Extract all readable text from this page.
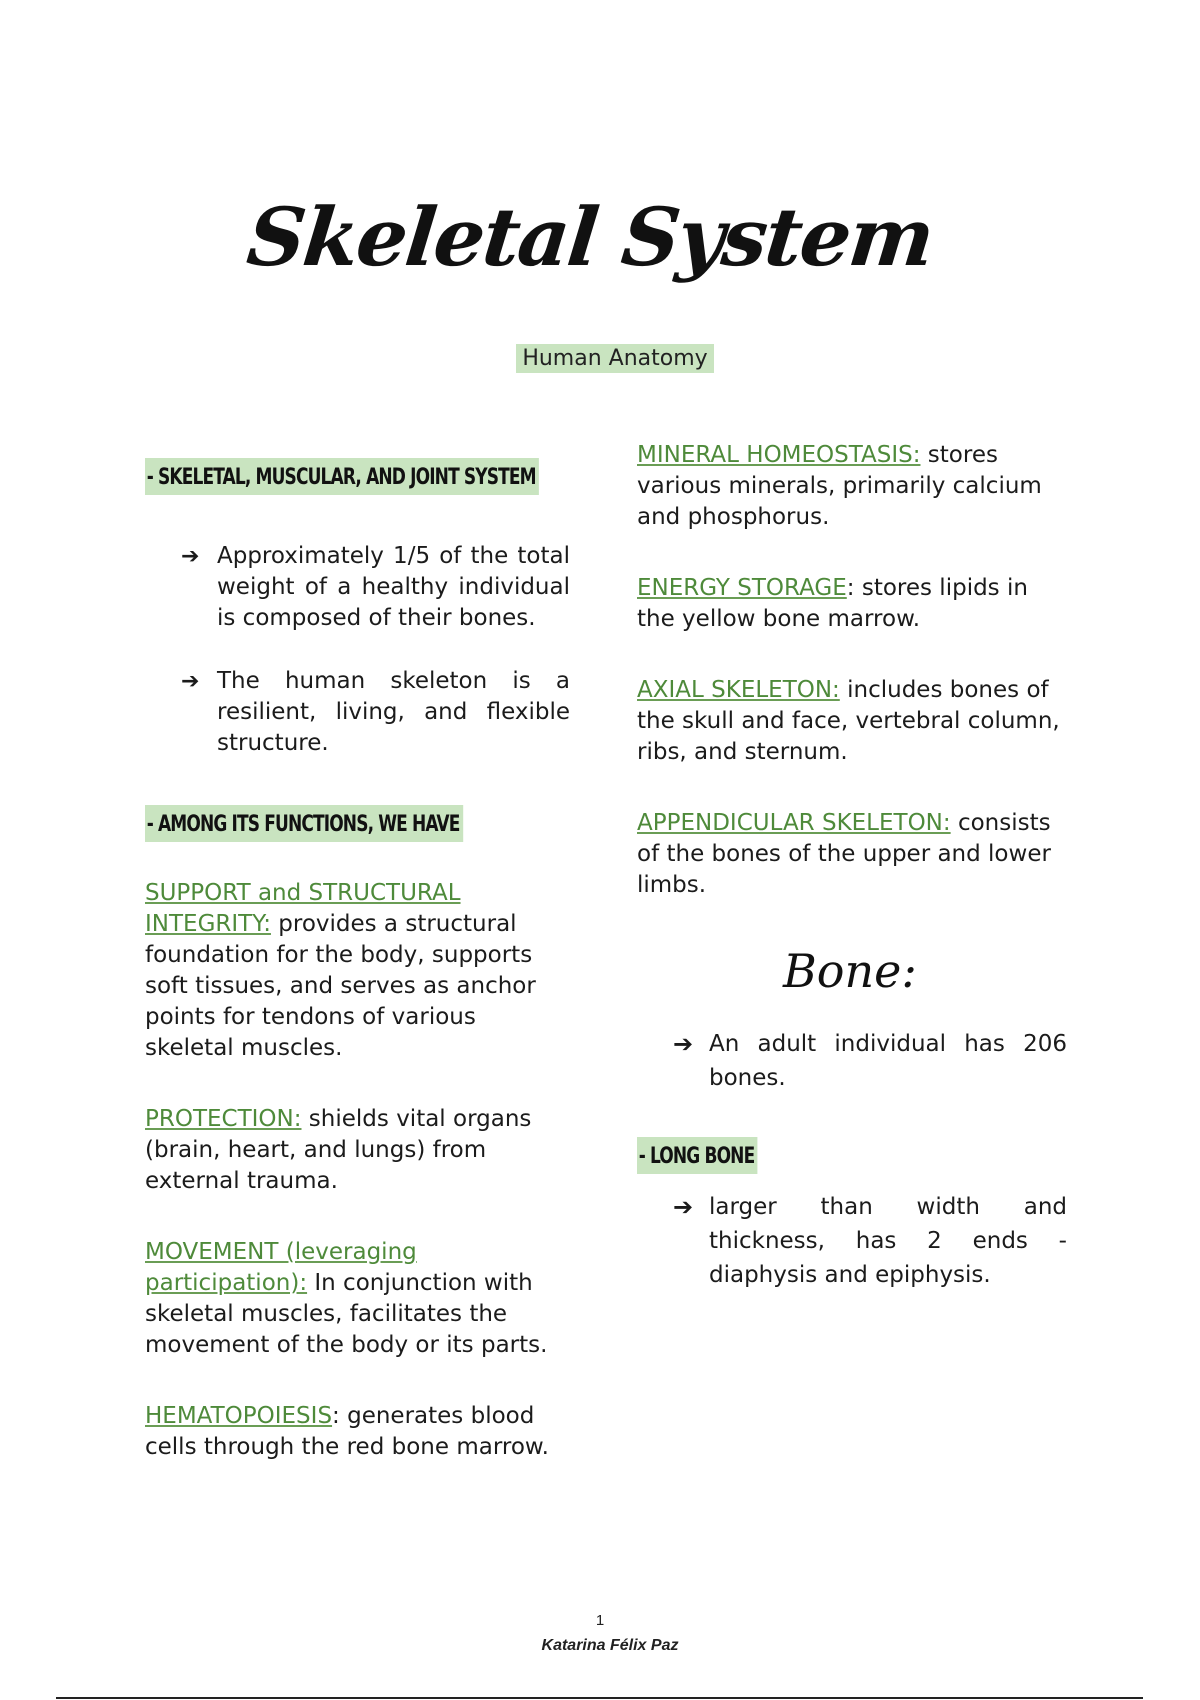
Skeletal System
Human Anatomy
- SKELETAL, MUSCULAR, AND JOINT SYSTEM
➔ Approximately 1/5 of the total weight of a healthy individual is composed of their bones.
➔ The human skeleton is a resilient, living, and flexible structure.
- AMONG ITS FUNCTIONS, WE HAVE
SUPPORT and STRUCTURAL INTEGRITY: provides a structural foundation for the body, supports soft tissues, and serves as anchor points for tendons of various skeletal muscles.
PROTECTION: shields vital organs (brain, heart, and lungs) from external trauma.
MOVEMENT (leveraging participation): In conjunction with skeletal muscles, facilitates the movement of the body or its parts.
HEMATOPOIESIS: generates blood cells through the red bone marrow.
MINERAL HOMEOSTASIS: stores various minerals, primarily calcium and phosphorus.
ENERGY STORAGE: stores lipids in the yellow bone marrow.
AXIAL SKELETON: includes bones of the skull and face, vertebral column, ribs, and sternum.
APPENDICULAR SKELETON: consists of the bones of the upper and lower limbs.
Bone:
➔ An adult individual has 206 bones.
- LONG BONE
➔ larger than width and thickness, has 2 ends - diaphysis and epiphysis.
1
Katarina Félix Paz
